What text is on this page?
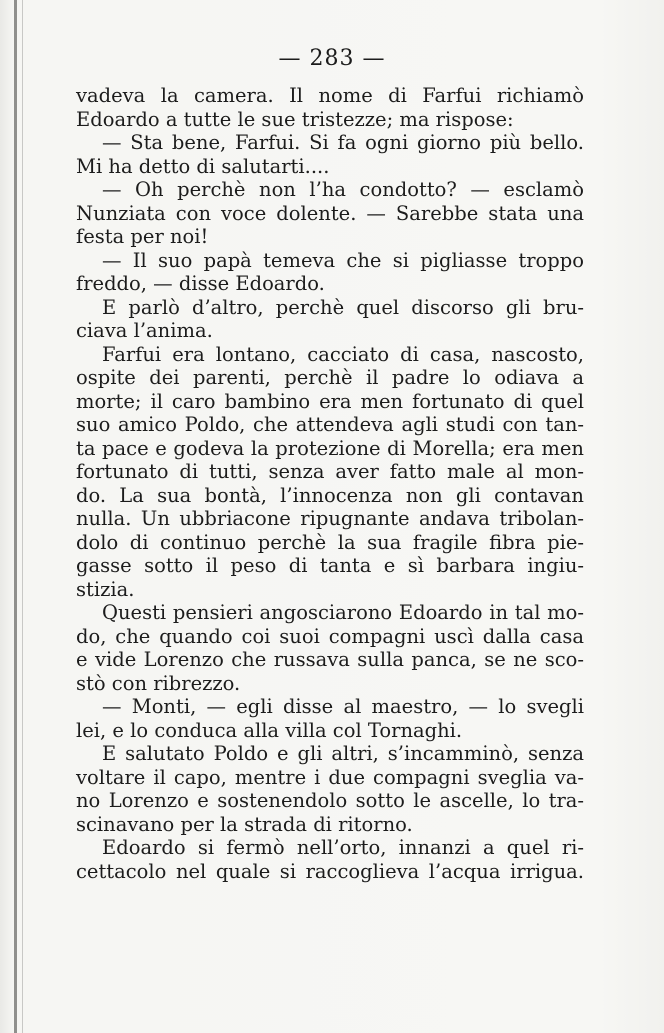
— 283 —
vadeva la camera. Il nome di Farfui richiamò
Edoardo a tutte le sue tristezze; ma rispose:
— Sta bene, Farfui. Si fa ogni giorno più bello.
Mi ha detto di salutarti....
— Oh perchè non l’ha condotto? — esclamò
Nunziata con voce dolente. — Sarebbe stata una
festa per noi!
— Il suo papà temeva che si pigliasse troppo
freddo, — disse Edoardo.
E parlò d’altro, perchè quel discorso gli bru-
ciava l’anima.
Farfui era lontano, cacciato di casa, nascosto,
ospite dei parenti, perchè il padre lo odiava a
morte; il caro bambino era men fortunato di quel
suo amico Poldo, che attendeva agli studi con tan-
ta pace e godeva la protezione di Morella; era men
fortunato di tutti, senza aver fatto male al mon-
do. La sua bontà, l’innocenza non gli contavan
nulla. Un ubbriacone ripugnante andava tribolan-
dolo di continuo perchè la sua fragile fibra pie-
gasse sotto il peso di tanta e sì barbara ingiu-
stizia.
Questi pensieri angosciarono Edoardo in tal mo-
do, che quando coi suoi compagni uscì dalla casa
e vide Lorenzo che russava sulla panca, se ne sco-
stò con ribrezzo.
— Monti, — egli disse al maestro, — lo svegli
lei, e lo conduca alla villa col Tornaghi.
E salutato Poldo e gli altri, s’incamminò, senza
voltare il capo, mentre i due compagni sveglia va-
no Lorenzo e sostenendolo sotto le ascelle, lo tra-
scinavano per la strada di ritorno.
Edoardo si fermò nell’orto, innanzi a quel ri-
cettacolo nel quale si raccoglieva l’acqua irrigua.
